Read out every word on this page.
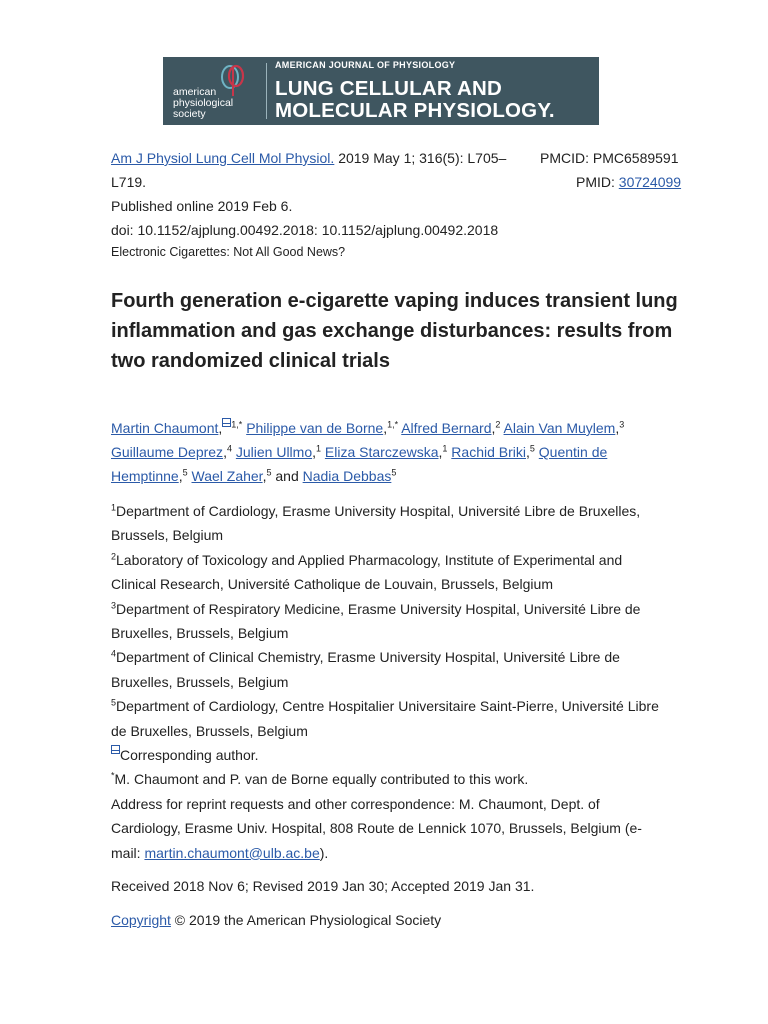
american
physiological
society
AMERICAN JOURNAL OF PHYSIOLOGY
LUNG CELLULAR AND
MOLECULAR PHYSIOLOGY.
Am J Physiol Lung Cell Mol Physiol. 2019 May 1; 316(5): L705– PMCID: PMC6589591
L719.	PMID: 30724099
Published online 2019 Feb 6.
doi: 10.1152/ajplung.00492.2018: 10.1152/ajplung.00492.2018
Electronic Cigarettes: Not All Good News?
Fourth generation e-cigarette vaping induces transient lung inflammation and gas exchange disturbances: results from two randomized clinical trials
Martin Chaumont, $^{1,*}$ Philippe van de Borne,$^{1,*}$ Alfred Bernard,$^2$ Alain Van Muylem,$^3$ Guillaume Deprez,$^4$ Julien Ullmo,$^1$ Eliza Starczewska,$^1$ Rachid Briki,$^5$ Quentin de Hemptinne,$^5$ Wael Zaher,$^5$ and Nadia Debbas$^5$
$^1$Department of Cardiology, Erasme University Hospital, Université Libre de Bruxelles, Brussels, Belgium
$^2$Laboratory of Toxicology and Applied Pharmacology, Institute of Experimental and Clinical Research, Université Catholique de Louvain, Brussels, Belgium
$^3$Department of Respiratory Medicine, Erasme University Hospital, Université Libre de Bruxelles, Brussels, Belgium
$^4$Department of Clinical Chemistry, Erasme University Hospital, Université Libre de Bruxelles, Brussels, Belgium
$^5$Department of Cardiology, Centre Hospitalier Universitaire Saint-Pierre, Université Libre de Bruxelles, Brussels, Belgium
Corresponding author.
*M. Chaumont and P. van de Borne equally contributed to this work.
Address for reprint requests and other correspondence: M. Chaumont, Dept. of Cardiology, Erasme Univ. Hospital, 808 Route de Lennick 1070, Brussels, Belgium (e-mail: martin.chaumont@ulb.ac.be).
Received 2018 Nov 6; Revised 2019 Jan 30; Accepted 2019 Jan 31.
Copyright © 2019 the American Physiological Society
